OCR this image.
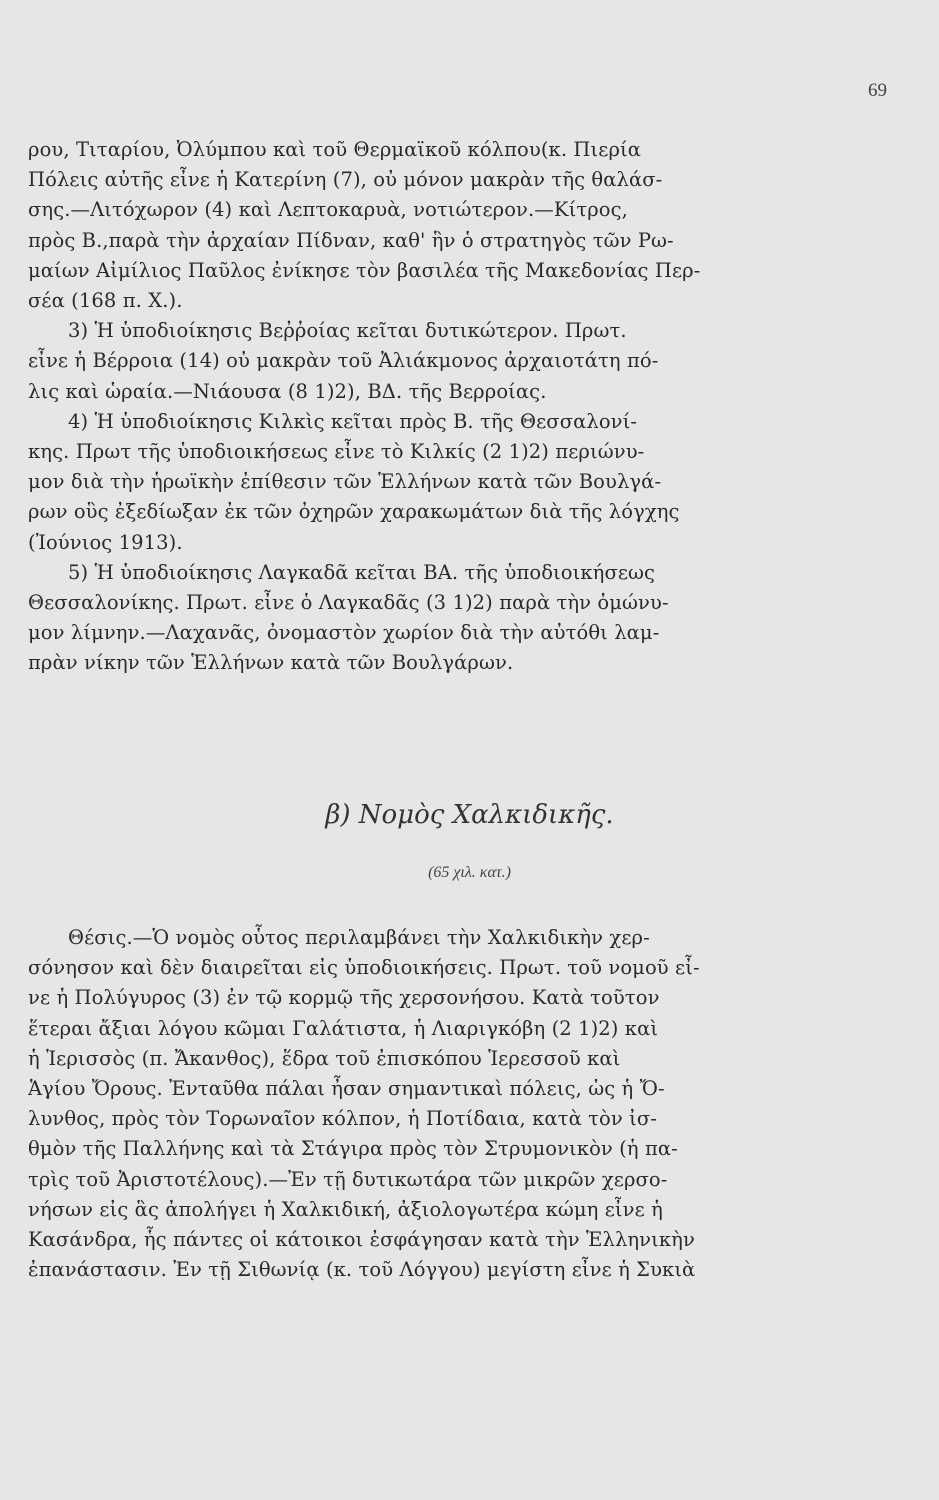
69
ρου, Τιταρίου, Ὀλύμπου καὶ τοῦ Θερμαϊκοῦ κόλπου(κ. Πιερία
Πόλεις αὐτῆς εἶνε ἡ Κατερίνη (7), οὐ μόνον μακρὰν τῆς θαλάσ-
σης.—Λιτόχωρον (4) καὶ Λεπτοκαρυὰ, νοτιώτερον.—Κίτρος,
πρὸς Β.,παρὰ τὴν ἀρχαίαν Πίδναν, καθ' ἣν ὁ στρατηγὸς τῶν Ρω-
μαίων Αἰμίλιος Παῦλος ἐνίκησε τὸν βασιλέα τῆς Μακεδονίας Περ-
σέα (168 π. Χ.).
3) Ἡ ὑποδιοίκησις Βεῤῥοίας κεῖται δυτικώτερον. Πρωτ.
εἶνε ἡ Βέρροια (14) οὐ μακρὰν τοῦ Ἀλιάκμονος ἀρχαιοτάτη πό-
λις καὶ ὡραία.—Νιάουσα (8 1)2), ΒΔ. τῆς Βερροίας.
4) Ἡ ὑποδιοίκησις Κιλκὶς κεῖται πρὸς Β. τῆς Θεσσαλονί-
κης. Πρωτ τῆς ὑποδιοικήσεως εἶνε τὸ Κιλκίς (2 1)2) περιώνυ-
μον διὰ τὴν ἡρωϊκὴν ἐπίθεσιν τῶν Ἑλλήνων κατὰ τῶν Βουλγά-
ρων οὓς ἐξεδίωξαν ἐκ τῶν ὀχηρῶν χαρακωμάτων διὰ τῆς λόγχης
(Ἰούνιος 1913).
5) Ἡ ὑποδιοίκησις Λαγκαδᾶ κεῖται ΒΑ. τῆς ὑποδιοικήσεως
Θεσσαλονίκης. Πρωτ. εἶνε ὁ Λαγκαδᾶς (3 1)2) παρὰ τὴν ὁμώνυ-
μον λίμνην.—Λαχανᾶς, ὀνομαστὸν χωρίον διὰ τὴν αὐτόθι λαμ-
πρὰν νίκην τῶν Ἑλλήνων κατὰ τῶν Βουλγάρων.
β) Νομὸς Χαλκιδικῆς.
(65 χιλ. κατ.)
Θέσις.—Ὁ νομὸς οὗτος περιλαμβάνει τὴν Χαλκιδικὴν χερ-
σόνησον καὶ δὲν διαιρεῖται εἰς ὑποδιοικήσεις. Πρωτ. τοῦ νομοῦ εἶ-
νε ἡ Πολύγυρος (3) ἐν τῷ κορμῷ τῆς χερσονήσου. Κατὰ τοῦτον
ἕτεραι ἄξιαι λόγου κῶμαι Γαλάτιστα, ἡ Λιαριγκόβη (2 1)2) καὶ
ἡ Ἱερισσὸς (π. Ἄκανθος), ἕδρα τοῦ ἐπισκόπου Ἱερεσσοῦ καὶ
Ἁγίου Ὄρους. Ἐνταῦθα πάλαι ἦσαν σημαντικαὶ πόλεις, ὡς ἡ Ὄ-
λυνθος, πρὸς τὸν Τορωναῖον κόλπον, ἡ Ποτίδαια, κατὰ τὸν ἰσ-
θμὸν τῆς Παλλήνης καὶ τὰ Στάγιρα πρὸς τὸν Στρυμονικὸν (ἡ πα-
τρὶς τοῦ Ἀριστοτέλους).—Ἐν τῇ δυτικωτάρα τῶν μικρῶν χερσο-
νήσων εἰς ἃς ἀπολήγει ἡ Χαλκιδική, ἀξιολογωτέρα κώμη εἶνε ἡ
Κασάνδρα, ἧς πάντες οἱ κάτοικοι ἐσφάγησαν κατὰ τὴν Ἑλληνικὴν
ἐπανάστασιν. Ἐν τῇ Σιθωνίᾳ (κ. τοῦ Λόγγου) μεγίστη εἶνε ἡ Συκιὰ
